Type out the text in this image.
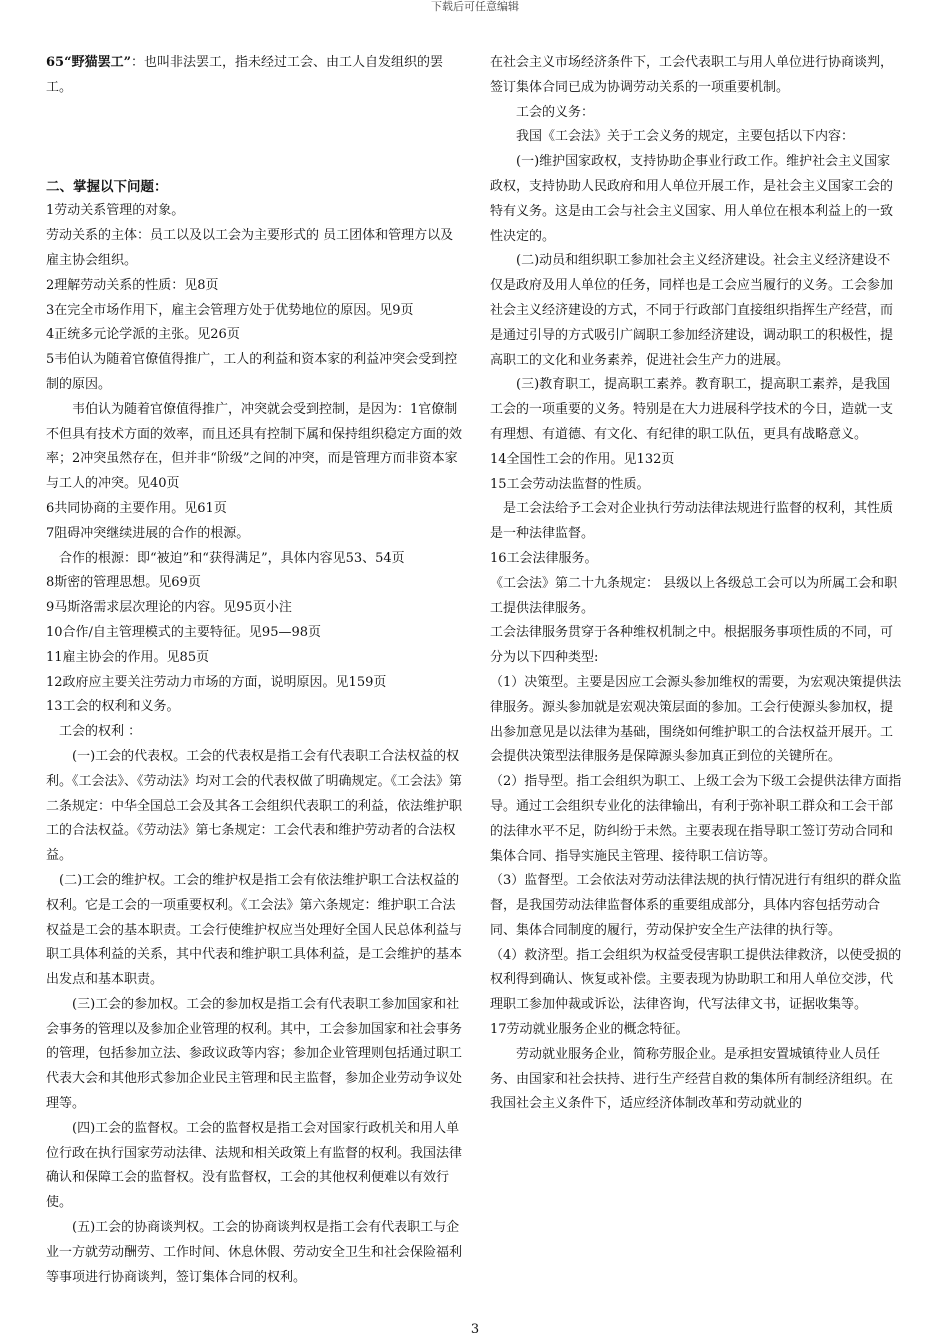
下载后可任意编辑

65“野猫罢工”：也叫非法罢工，指未经过工会、由工人自发组织的罢工。

二、掌握以下问题：

1劳动关系管理的对象。

劳动关系的主体：员工以及以工会为主要形式的 员工团体和管理方以及雇主协会组织。

2理解劳动关系的性质：见8页

3在完全市场作用下，雇主会管理方处于优势地位的原因。见9页

4正统多元论学派的主张。见26页

5韦伯认为随着官僚值得推广，工人的利益和资本家的利益冲突会受到控制的原因。

韦伯认为随着官僚值得推广，冲突就会受到控制，是因为：1官僚制不但具有技术方面的效率，而且还具有控制下属和保持组织稳定方面的效率；2冲突虽然存在，但并非“阶级”之间的冲突，而是管理方而非资本家与工人的冲突。见40页

6共同协商的主要作用。见61页

7阻碍冲突继续进展的合作的根源。

合作的根源：即“被迫”和“获得满足”，具体内容见53、54页

8斯密的管理思想。见69页

9马斯洛需求层次理论的内容。见95页小注

10合作/自主管理模式的主要特征。见95—98页

11雇主协会的作用。见85页

12政府应主要关注劳动力市场的方面，说明原因。见159页

13工会的权利和义务。

工会的权利 ：

(一)工会的代表权。工会的代表权是指工会有代表职工合法权益的权利。《工会法》、《劳动法》均对工会的代表权做了明确规定。《工会法》第二条规定：中华全国总工会及其各工会组织代表职工的利益，依法维护职工的合法权益。《劳动法》第七条规定：工会代表和维护劳动者的合法权益。

(二)工会的维护权。工会的维护权是指工会有依法维护职工合法权益的权利。它是工会的一项重要权利。《工会法》第六条规定：维护职工合法权益是工会的基本职责。工会行使维护权应当处理好全国人民总体利益与职工具体利益的关系，其中代表和维护职工具体利益，是工会维护的基本出发点和基本职责。

(三)工会的参加权。工会的参加权是指工会有代表职工参加国家和社会事务的管理以及参加企业管理的权利。其中，工会参加国家和社会事务的管理，包括参加立法、参政议政等内容；参加企业管理则包括通过职工代表大会和其他形式参加企业民主管理和民主监督，参加企业劳动争议处理等。

(四)工会的监督权。工会的监督权是指工会对国家行政机关和用人单位行政在执行国家劳动法律、法规和相关政策上有监督的权利。我国法律确认和保障工会的监督权。没有监督权，工会的其他权利便难以有效行使。

(五)工会的协商谈判权。工会的协商谈判权是指工会有代表职工与企业一方就劳动酬劳、工作时间、休息休假、劳动安全卫生和社会保险福利等事项进行协商谈判，签订集体合同的权利。

在社会主义市场经济条件下，工会代表职工与用人单位进行协商谈判，签订集体合同已成为协调劳动关系的一项重要机制。

工会的义务：

我国《工会法》关于工会义务的规定，主要包括以下内容：

(一)维护国家政权，支持协助企事业行政工作。维护社会主义国家政权，支持协助人民政府和用人单位开展工作，是社会主义国家工会的特有义务。这是由工会与社会主义国家、用人单位在根本利益上的一致性决定的。

(二)动员和组织职工参加社会主义经济建设。社会主义经济建设不仅是政府及用人单位的任务，同样也是工会应当履行的义务。工会参加社会主义经济建设的方式，不同于行政部门直接组织指挥生产经营，而是通过引导的方式吸引广阔职工参加经济建设，调动职工的积极性，提高职工的文化和业务素养，促进社会生产力的进展。

(三)教育职工，提高职工素养。教育职工，提高职工素养，是我国工会的一项重要的义务。特别是在大力进展科学技术的今日，造就一支有理想、有道德、有文化、有纪律的职工队伍，更具有战略意义。

14全国性工会的作用。见132页

15工会劳动法监督的性质。

是工会法给予工会对企业执行劳动法律法规进行监督的权利，其性质是一种法律监督。

16工会法律服务。

《工会法》第二十九条规定： 县级以上各级总工会可以为所属工会和职工提供法律服务。

工会法律服务贯穿于各种维权机制之中。根据服务事项性质的不同，可分为以下四种类型:

（1）决策型。主要是因应工会源头参加维权的需要，为宏观决策提供法律服务。源头参加就是宏观决策层面的参加。工会行使源头参加权，提出参加意见是以法律为基础，围绕如何维护职工的合法权益开展开。工会提供决策型法律服务是保障源头参加真正到位的关键所在。

（2）指导型。指工会组织为职工、上级工会为下级工会提供法律方面指导。通过工会组织专业化的法律输出，有利于弥补职工群众和工会干部的法律水平不足，防纠纷于未然。主要表现在指导职工签订劳动合同和集体合同、指导实施民主管理、接待职工信访等。

（3）监督型。工会依法对劳动法律法规的执行情况进行有组织的群众监督，是我国劳动法律监督体系的重要组成部分，具体内容包括劳动合同、集体合同制度的履行，劳动保护安全生产法律的执行等。

（4）救济型。指工会组织为权益受侵害职工提供法律救济，以使受损的权利得到确认、恢复或补偿。主要表现为协助职工和用人单位交涉，代理职工参加仲裁或诉讼，法律咨询，代写法律文书，证据收集等。

17劳动就业服务企业的概念特征。

劳动就业服务企业，简称劳服企业。是承担安置城镇待业人员任务、由国家和社会扶持、进行生产经营自救的集体所有制经济组织。在我国社会主义条件下，适应经济体制改革和劳动就业的

3
